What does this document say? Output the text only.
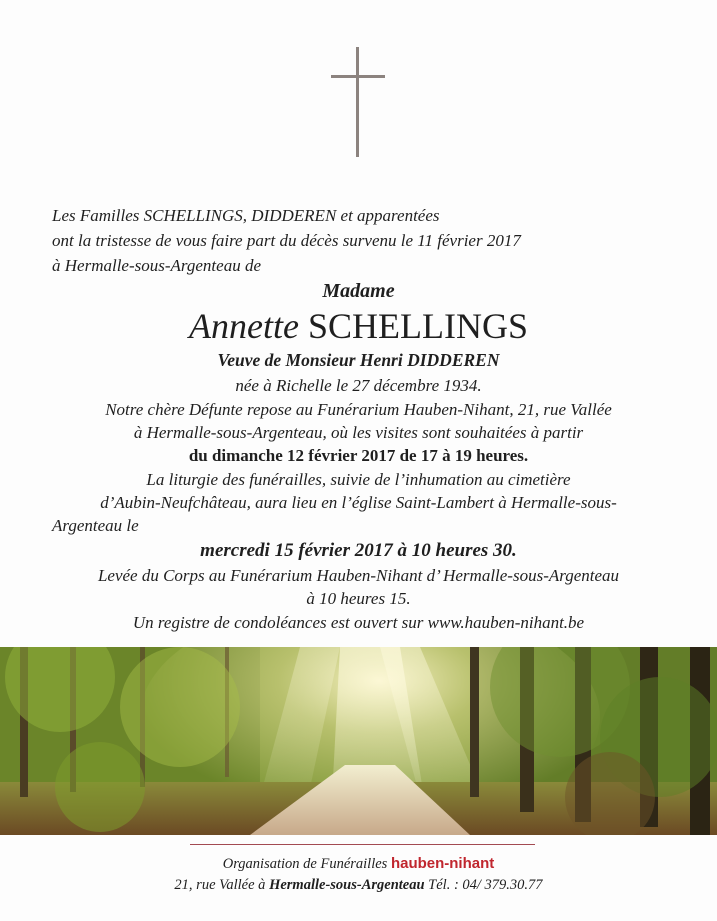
Les Familles SCHELLINGS, DIDDEREN et apparentées
ont la tristesse de vous faire part du décès survenu le 11 février 2017
à Hermalle-sous-Argenteau de
Madame
Annette SCHELLINGS
Veuve de Monsieur Henri DIDDEREN
née à Richelle le 27 décembre 1934.
Notre chère Défunte repose au Funérarium Hauben-Nihant, 21, rue Vallée
à Hermalle-sous-Argenteau, où les visites sont souhaitées à partir
du dimanche 12 février 2017 de 17 à 19 heures.
La liturgie des funérailles, suivie de l’inhumation au cimetière
d’Aubin-Neufchâteau, aura lieu en l’église Saint-Lambert à Hermalle-sous-
Argenteau le
mercredi 15 février 2017 à 10 heures 30.
Levée du Corps au Funérarium Hauben-Nihant d’ Hermalle-sous-Argenteau
à 10 heures 15.
Un registre de condoléances est ouvert sur www.hauben-nihant.be
Organisation de Funérailles hauben-nihant
21, rue Vallée à Hermalle-sous-Argenteau Tél. : 04/ 379.30.77
